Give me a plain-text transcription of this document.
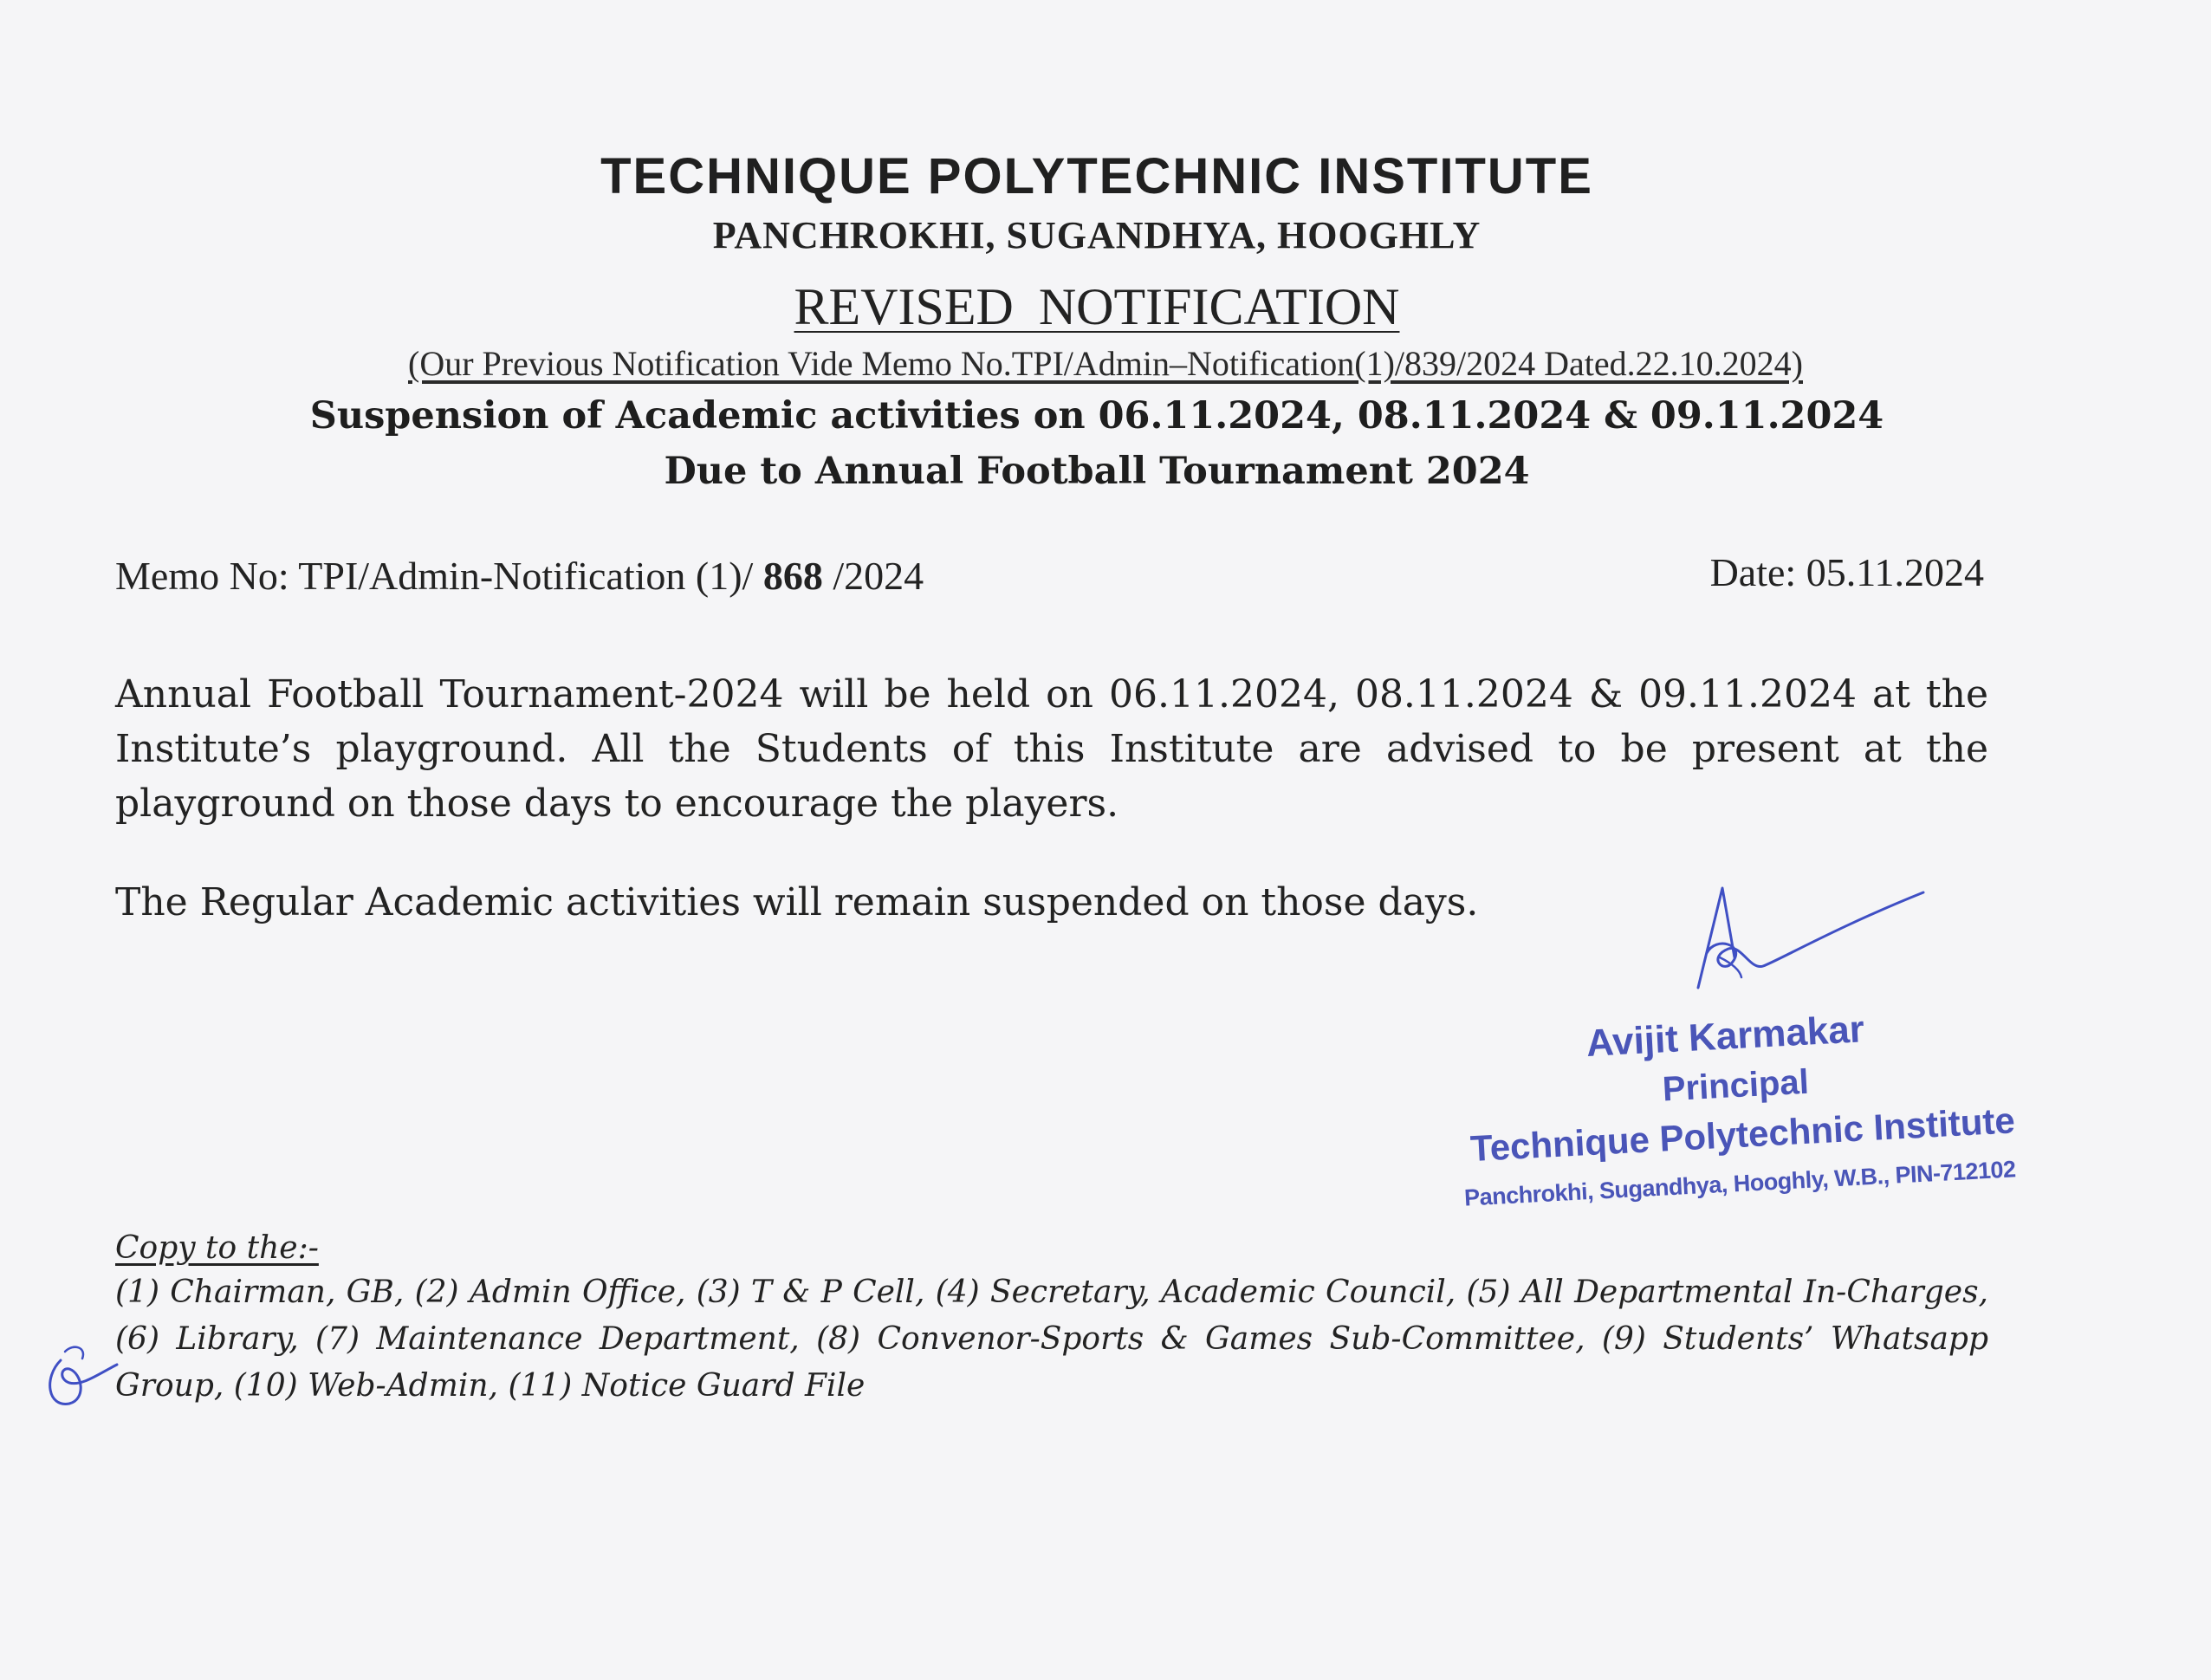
TECHNIQUE POLYTECHNIC INSTITUTE
PANCHROKHI, SUGANDHYA, HOOGHLY
REVISED NOTIFICATION
(Our Previous Notification Vide Memo No.TPI/Admin–Notification(1)/839/2024 Dated.22.10.2024)
Suspension of Academic activities on 06.11.2024, 08.11.2024 & 09.11.2024
Due to Annual Football Tournament 2024
Memo No: TPI/Admin-Notification (1)/ 868 /2024	Date: 05.11.2024
Annual Football Tournament-2024 will be held on 06.11.2024, 08.11.2024 & 09.11.2024 at the Institute’s playground. All the Students of this Institute are advised to be present at the playground on those days to encourage the players.
The Regular Academic activities will remain suspended on those days.
Avijit Karmakar
Principal
Technique Polytechnic Institute
Panchrokhi, Sugandhya, Hooghly, W.B., PIN-712102
Copy to the:-
(1) Chairman, GB, (2) Admin Office, (3) T & P Cell, (4) Secretary, Academic Council, (5) All Departmental In-Charges, (6) Library, (7) Maintenance Department, (8) Convenor-Sports & Games Sub-Committee, (9) Students’ Whatsapp Group, (10) Web-Admin, (11) Notice Guard File
